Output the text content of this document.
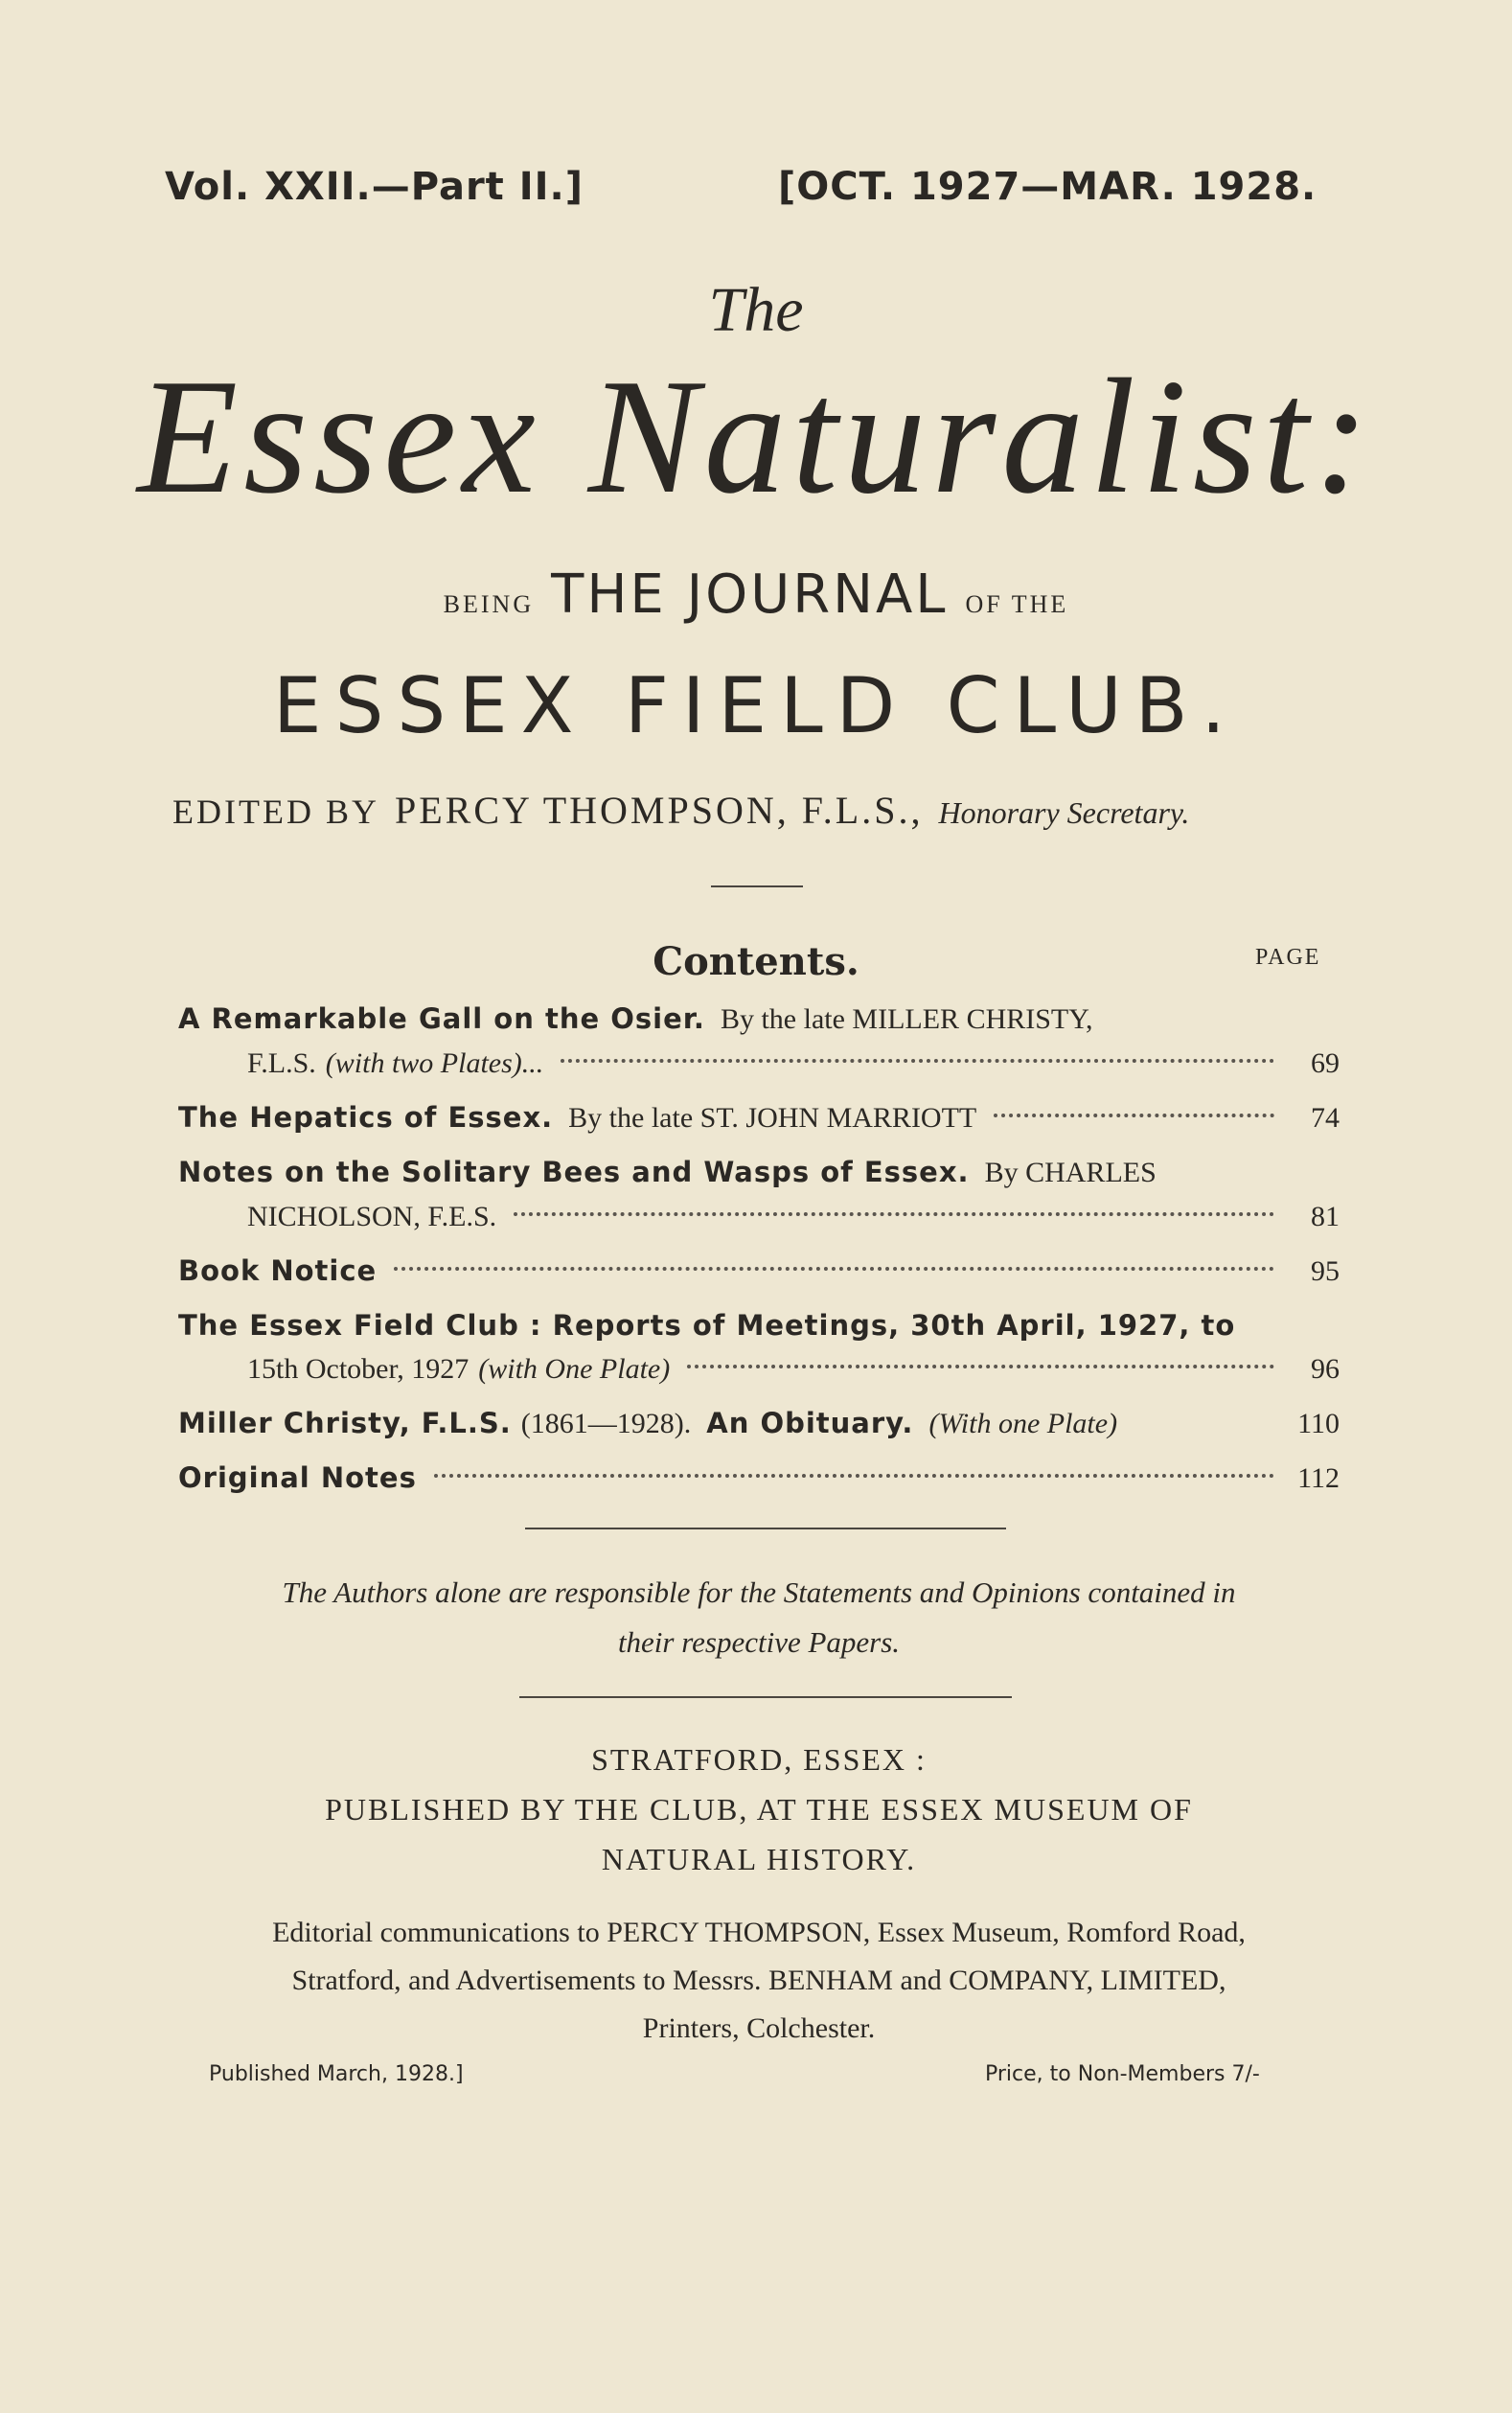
Vol. XXII.—Part II.]	[OCT. 1927—MAR. 1928.
The
Essex Naturalist:
BEING THE JOURNAL OF THE
ESSEX FIELD CLUB.
EDITED BY PERCY THOMPSON, F.L.S., Honorary Secretary.
Contents.	PAGE
A Remarkable Gall on the Osier. By the late MILLER CHRISTY,
F.L.S. (with two Plates)...	69
The Hepatics of Essex. By the late ST. JOHN MARRIOTT	74
Notes on the Solitary Bees and Wasps of Essex. By CHARLES
NICHOLSON, F.E.S.	81
Book Notice	95
The Essex Field Club : Reports of Meetings, 30th April, 1927, to
15th October, 1927 (with One Plate)	96
Miller Christy, F.L.S. (1861—1928). An Obituary. (With one Plate)	110
Original Notes	112
The Authors alone are responsible for the Statements and Opinions contained in
their respective Papers.
STRATFORD, ESSEX :
PUBLISHED BY THE CLUB, AT THE ESSEX MUSEUM OF
NATURAL HISTORY.
Editorial communications to PERCY THOMPSON, Essex Museum, Romford Road,
Stratford, and Advertisements to Messrs. BENHAM and COMPANY, LIMITED,
Printers, Colchester.
Published March, 1928.]	Price, to Non-Members 7/-
